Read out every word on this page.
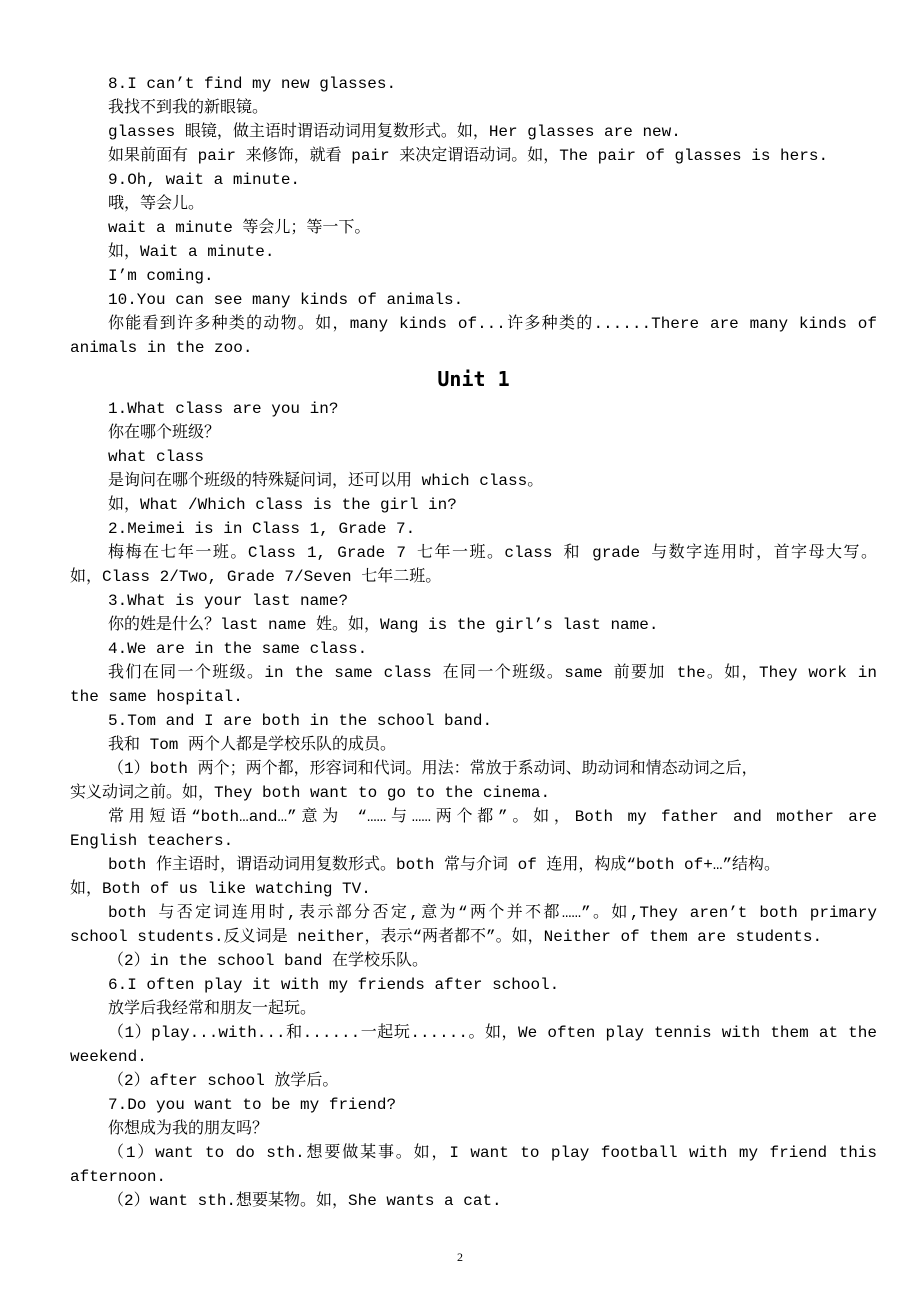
8.I can’t find my new glasses.
我找不到我的新眼镜。
glasses 眼镜，做主语时谓语动词用复数形式。如，Her glasses are new.
如果前面有 pair 来修饰，就看 pair 来决定谓语动词。如，The pair of glasses is hers.
9.Oh, wait a minute.
哦，等会儿。
wait a minute 等会儿；等一下。
如，Wait a minute.
I’m coming.
10.You can see many kinds of animals.
你能看到许多种类的动物。如，many kinds of...许多种类的......There are many kinds of
animals in the zoo.
Unit 1
1.What class are you in?
你在哪个班级？
what class
是询问在哪个班级的特殊疑问词，还可以用 which class。
如，What /Which class is the girl in?
2.Meimei is in Class 1, Grade 7.
梅梅在七年一班。Class 1, Grade 7 七年一班。class 和 grade 与数字连用时，首字母大写。
如，Class 2/Two, Grade 7/Seven 七年二班。
3.What is your last name?
你的姓是什么？last name 姓。如，Wang is the girl’s last name.
4.We are in the same class.
我们在同一个班级。in the same class 在同一个班级。same 前要加 the。如，They work in
the same hospital.
5.Tom and I are both in the school band.
我和 Tom 两个人都是学校乐队的成员。
（1）both 两个；两个都，形容词和代词。用法：常放于系动词、助动词和情态动词之后，
实义动词之前。如，They both want to go to the cinema.
常用短语“both…and…”意为 “……与……两个都”。如，Both my father and mother are
English teachers.
both 作主语时，谓语动词用复数形式。both 常与介词 of 连用，构成“both of+…”结构。
如，Both of us like watching TV.
both 与否定词连用时,表示部分否定,意为“两个并不都……”。如,They aren’t both primary
school students.反义词是 neither，表示“两者都不”。如，Neither of them are students.
（2）in the school band 在学校乐队。
6.I often play it with my friends after school.
放学后我经常和朋友一起玩。
（1）play...with...和......一起玩......。如，We often play tennis with them at the
weekend.
（2）after school 放学后。
7.Do you want to be my friend?
你想成为我的朋友吗？
（1）want to do sth.想要做某事。如，I want to play football with my friend this
afternoon.
（2）want sth.想要某物。如，She wants a cat.
2
